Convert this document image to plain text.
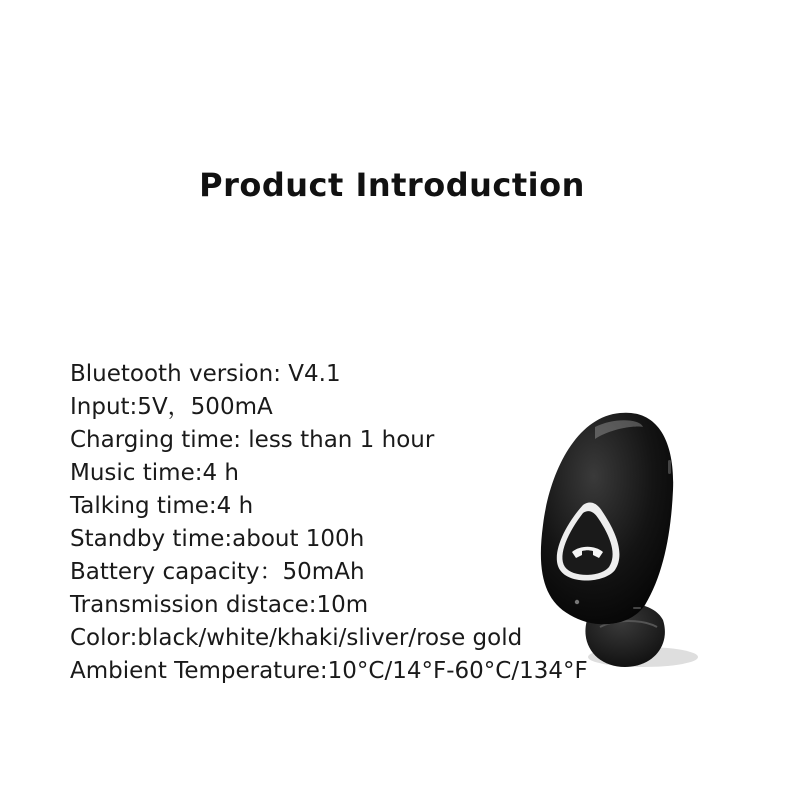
Product Introduction
Bluetooth version: V4.1
Input:5V，500mA
Charging time: less than 1 hour
Music time:4 h
Talking time:4 h
Standby time:about 100h
Battery capacity：50mAh
Transmission distace:10m
Color:black/white/khaki/sliver/rose gold
Ambient Temperature:10°C/14°F-60°C/134°F
